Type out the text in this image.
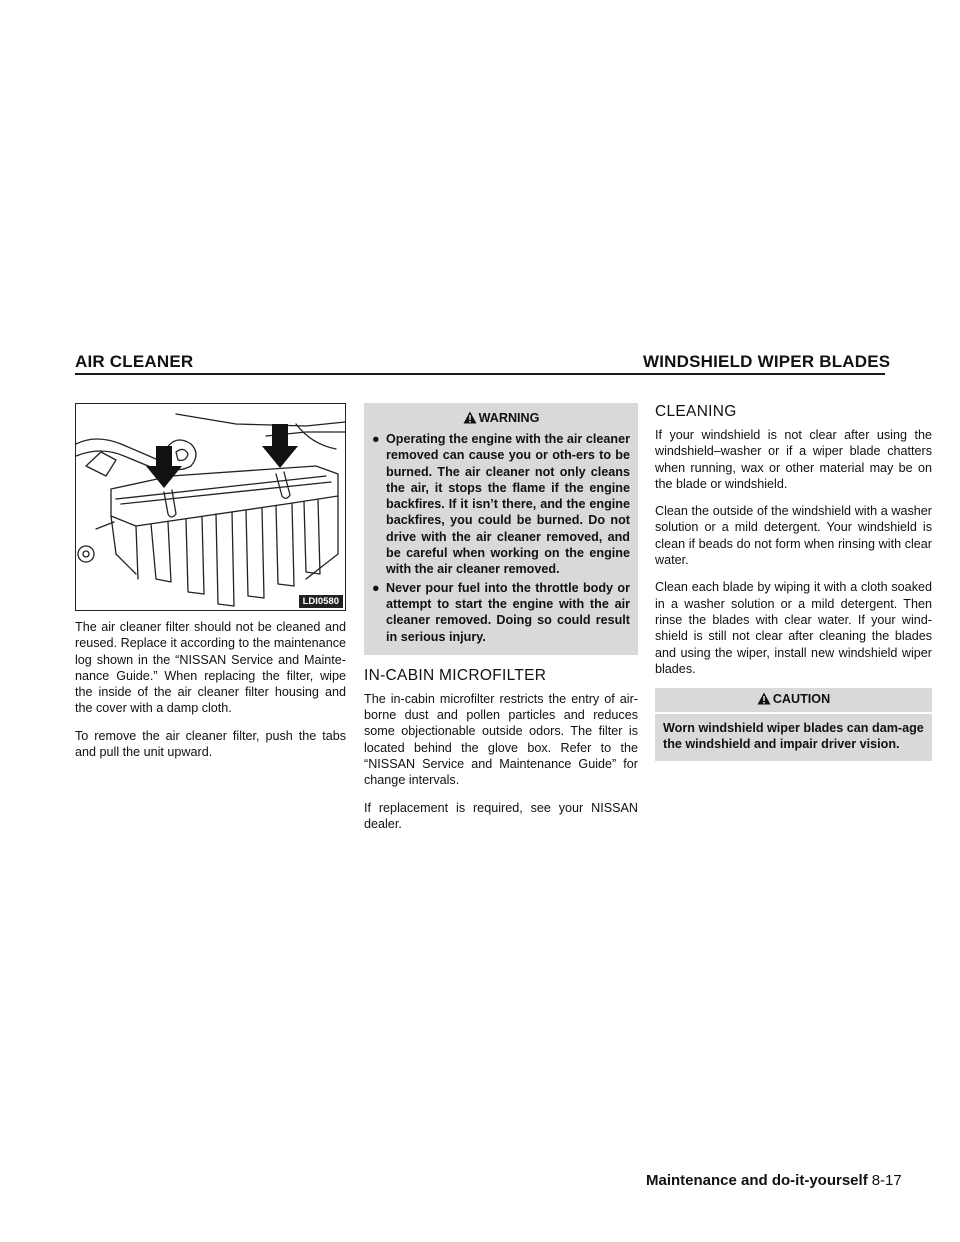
AIR CLEANER	WINDSHIELD WIPER BLADES
LDI0580

The air cleaner filter should not be cleaned and reused. Replace it according to the maintenance log shown in the “NISSAN Service and Mainte-nance Guide.” When replacing the filter, wipe the inside of the air cleaner filter housing and the cover with a damp cloth.

To remove the air cleaner filter, push the tabs and pull the unit upward.

WARNING
● Operating the engine with the air cleaner removed can cause you or oth-ers to be burned. The air cleaner not only cleans the air, it stops the flame if the engine backfires. If it isn’t there, and the engine backfires, you could be burned. Do not drive with the air cleaner removed, and be careful when working on the engine with the air cleaner removed.
● Never pour fuel into the throttle body or attempt to start the engine with the air cleaner removed. Doing so could result in serious injury.
IN-CABIN MICROFILTER

The in-cabin microfilter restricts the entry of air-borne dust and pollen particles and reduces some objectionable outside odors. The filter is located behind the glove box. Refer to the “NISSAN Service and Maintenance Guide” for change intervals.

If replacement is required, see your NISSAN dealer.

CLEANING

If your windshield is not clear after using the windshield–washer or if a wiper blade chatters when running, wax or other material may be on the blade or windshield.

Clean the outside of the windshield with a washer solution or a mild detergent. Your windshield is clean if beads do not form when rinsing with clear water.

Clean each blade by wiping it with a cloth soaked in a washer solution or a mild detergent. Then rinse the blades with clear water. If your wind-shield is still not clear after cleaning the blades and using the wiper, install new windshield wiper blades.

CAUTION
Worn windshield wiper blades can dam-age the windshield and impair driver vision.
Maintenance and do-it-yourself 8-17
